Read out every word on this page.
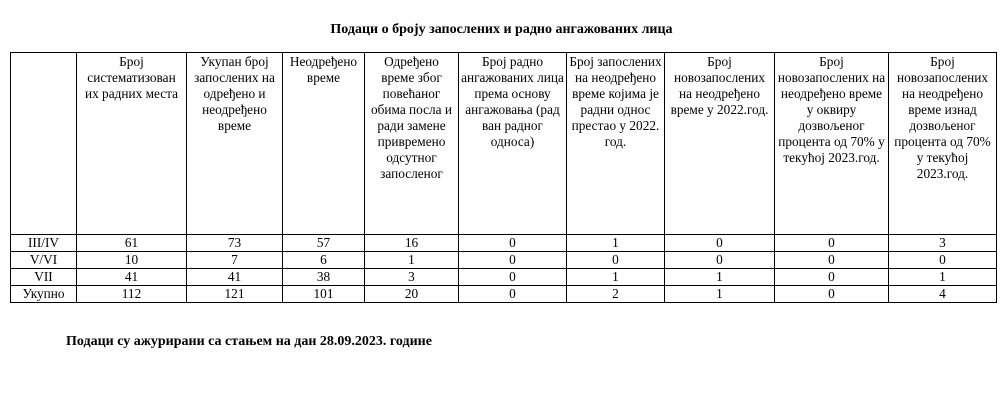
Подаци о броју запослених и радно ангажованих лица
	Број систематизован их радних места	Укупан број запослених на одређено и неодређено време	Неодређено време	Одређено време због повећаног обима посла и ради замене привремено одсутног запосленог	Број радно ангажованих лица према основу ангажовања (рад ван радног односа)	Број запослених на неодређено време којима је радни однос престао у 2022. год.	Број новозапослених на неодређено време у 2022.год.	Број новозапослених на неодређено време у оквиру дозвољеног процента од 70% у текућој 2023.год.	Број новозапослених на неодређено време изнад дозвољеног процента од 70% у текућој 2023.год.
III/IV	61	73	57	16	0	1	0	0	3
V/VI	10	7	6	1	0	0	0	0	0
VII	41	41	38	3	0	1	1	0	1
Укупно	112	121	101	20	0	2	1	0	4
Подаци су ажурирани са стањем на дан 28.09.2023. године
